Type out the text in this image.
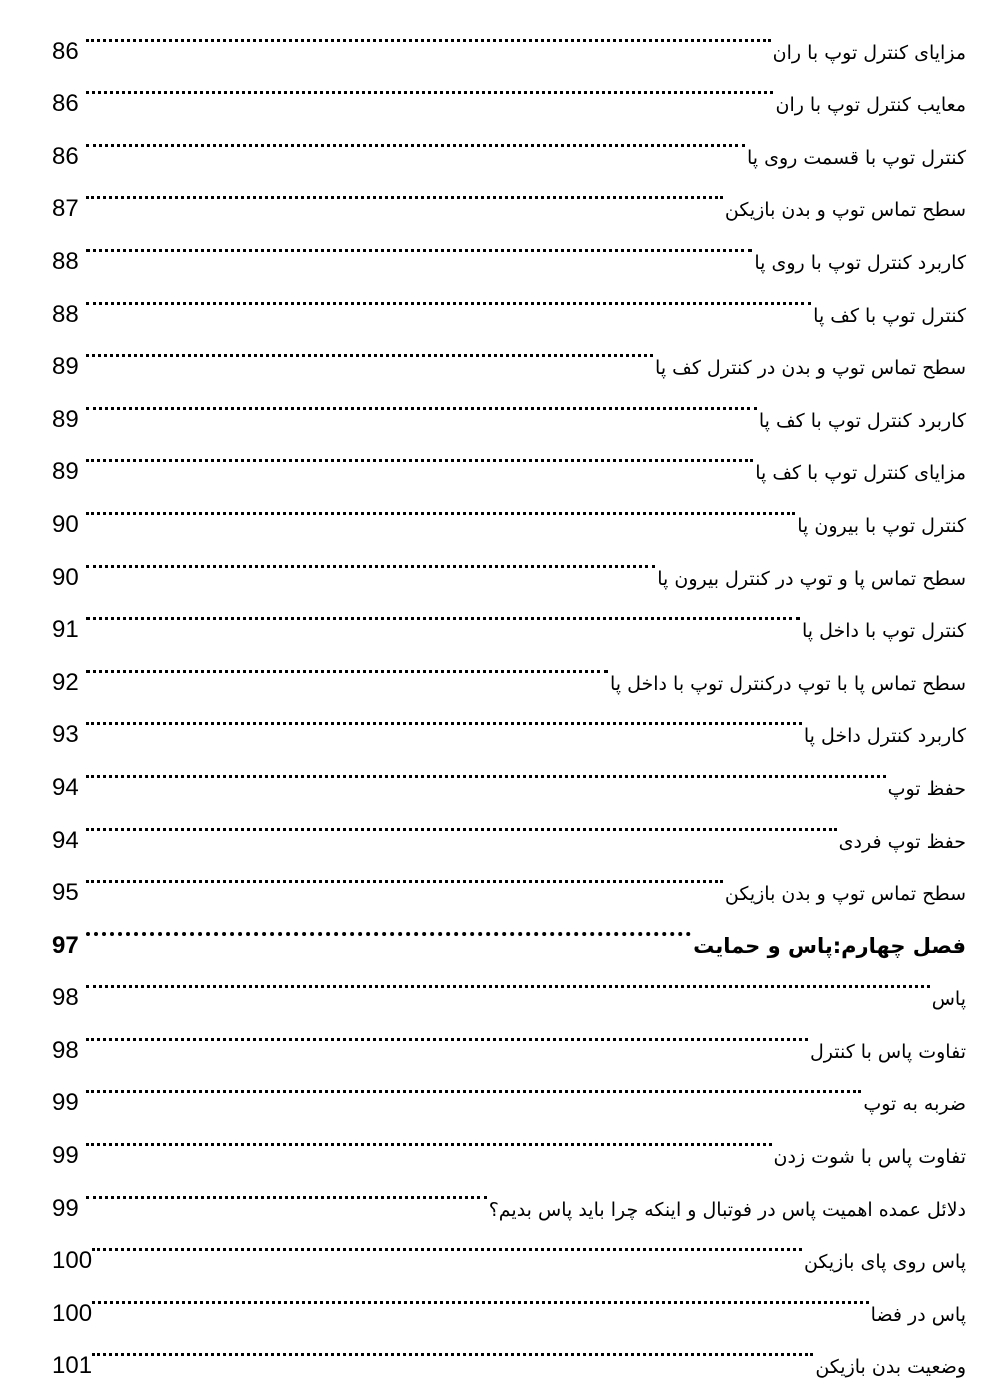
مزایای کنترل توپ با ران
86
معایب کنترل توپ با ران
86
کنترل توپ با قسمت روی پا
86
سطح تماس توپ و بدن بازیکن
87
کاربرد کنترل توپ با روی پا
88
کنترل توپ با کف پا
88
سطح تماس توپ و بدن در کنترل کف پا
89
کاربرد کنترل توپ با کف پا
89
مزایای کنترل توپ با کف پا
89
کنترل توپ با بیرون پا
90
سطح تماس پا و توپ در کنترل بیرون پا
90
کنترل توپ با داخل پا
91
سطح تماس پا با توپ درکنترل توپ با داخل پا
92
کاربرد کنترل داخل پا
93
حفظ توپ
94
حفظ توپ فردی
94
سطح تماس توپ و بدن بازیکن
95
فصل چهارم:پاس و حمایت
97
پاس
98
تفاوت پاس با کنترل
98
ضربه به توپ
99
تفاوت پاس با شوت زدن
99
دلائل عمده اهمیت پاس در فوتبال و اینکه چرا باید پاس بدیم؟
99
پاس روی پای بازیکن
100
پاس در فضا
100
وضعیت بدن بازیکن
101
